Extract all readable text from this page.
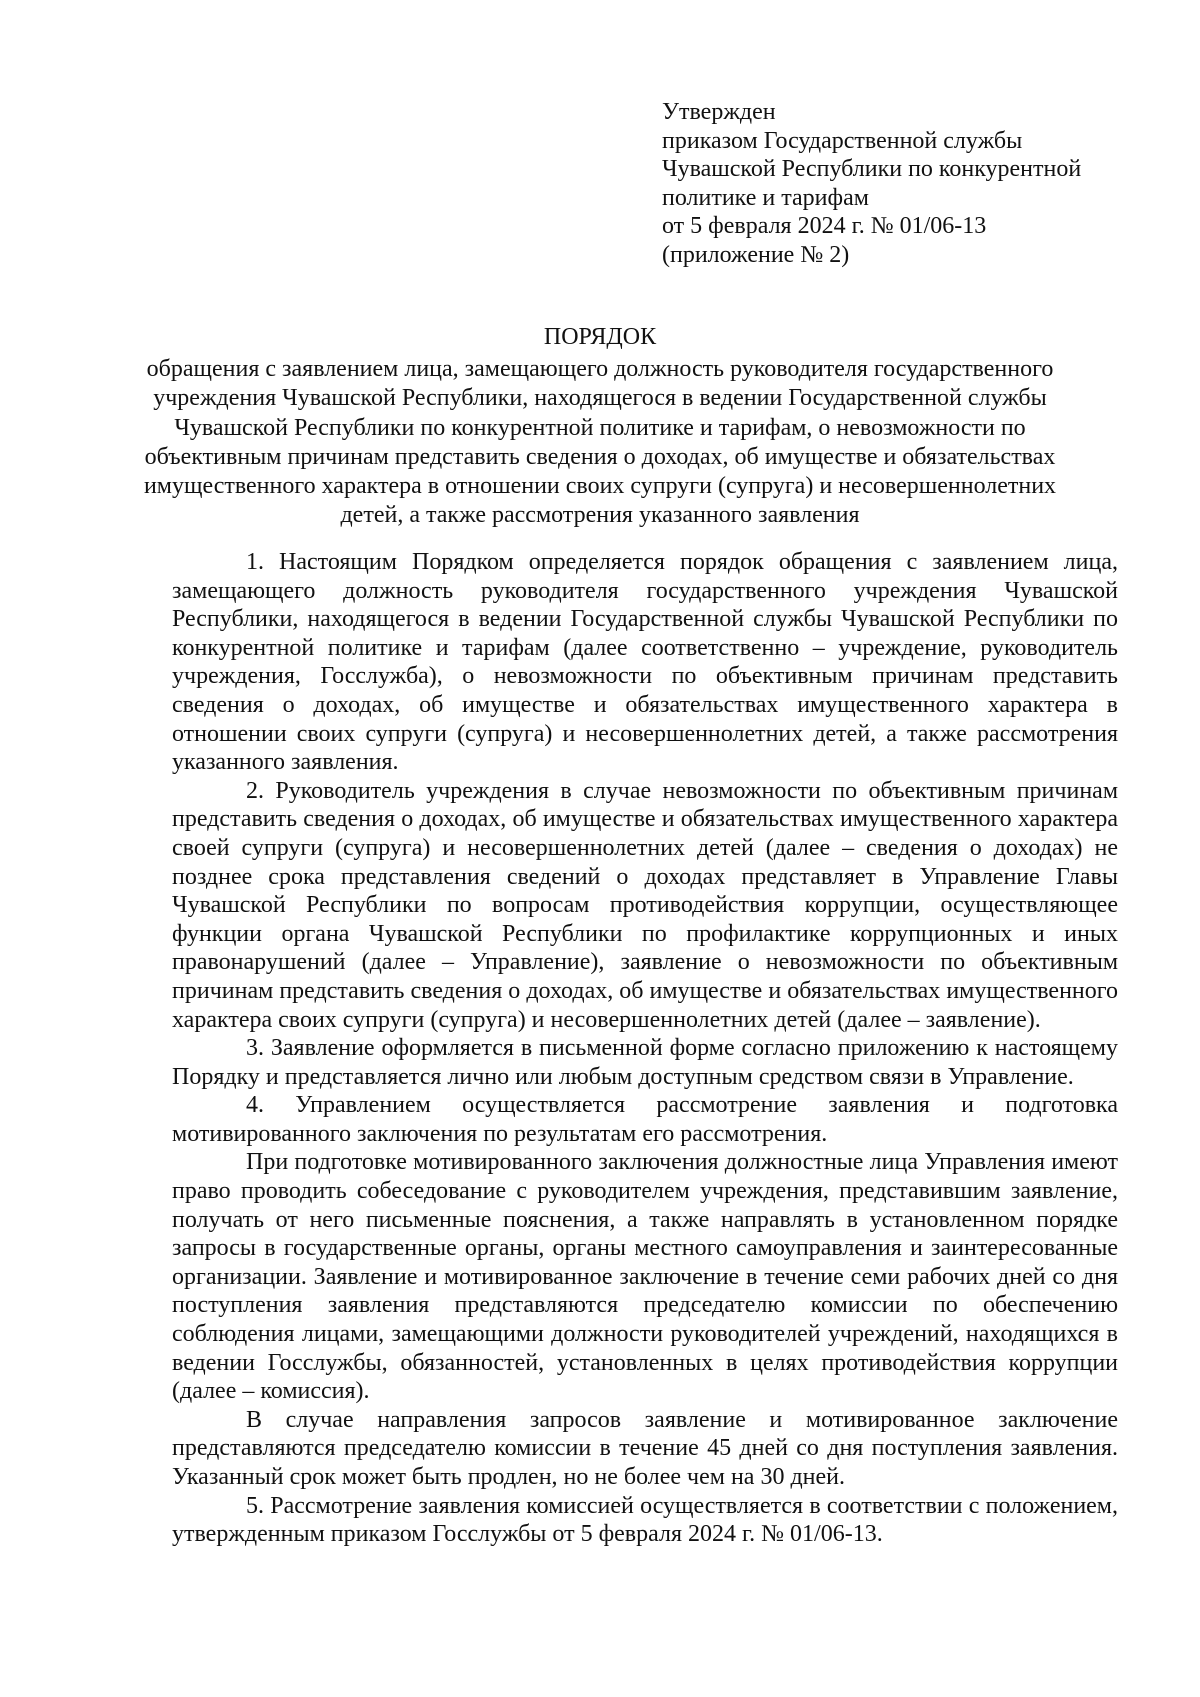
Утвержден
приказом Государственной службы
Чувашской Республики по конкурентной
политике и тарифам
от 5 февраля 2024 г. № 01/06-13
(приложение № 2)
ПОРЯДОК
обращения с заявлением лица, замещающего должность руководителя государственного
учреждения Чувашской Республики, находящегося в ведении Государственной службы
Чувашской Республики по конкурентной политике и тарифам, о невозможности по
объективным причинам представить сведения о доходах, об имуществе и обязательствах
имущественного характера в отношении своих супруги (супруга) и несовершеннолетних
детей, а также рассмотрения указанного заявления

1. Настоящим Порядком определяется порядок обращения с заявлением лица, замещающего должность руководителя государственного учреждения Чувашской Республики, находящегося в ведении Государственной службы Чувашской Республики по конкурентной политике и тарифам (далее соответственно – учреждение, руководитель учреждения, Госслужба), о невозможности по объективным причинам представить сведения о доходах, об имуществе и обязательствах имущественного характера в отношении своих супруги (супруга) и несовершеннолетних детей, а также рассмотрения указанного заявления.

2. Руководитель учреждения в случае невозможности по объективным причинам представить сведения о доходах, об имуществе и обязательствах имущественного характера своей супруги (супруга) и несовершеннолетних детей (далее – сведения о доходах) не позднее срока представления сведений о доходах представляет в Управление Главы Чувашской Республики по вопросам противодействия коррупции, осуществляющее функции органа Чувашской Республики по профилактике коррупционных и иных правонарушений (далее – Управление), заявление о невозможности по объективным причинам представить сведения о доходах, об имуществе и обязательствах имущественного характера своих супруги (супруга) и несовершеннолетних детей (далее – заявление).

3. Заявление оформляется в письменной форме согласно приложению к настоящему Порядку и представляется лично или любым доступным средством связи в Управление.

4. Управлением осуществляется рассмотрение заявления и подготовка мотивированного заключения по результатам его рассмотрения.

При подготовке мотивированного заключения должностные лица Управления имеют право проводить собеседование с руководителем учреждения, представившим заявление, получать от него письменные пояснения, а также направлять в установленном порядке запросы в государственные органы, органы местного самоуправления и заинтересованные организации. Заявление и мотивированное заключение в течение семи рабочих дней со дня поступления заявления представляются председателю комиссии по обеспечению соблюдения лицами, замещающими должности руководителей учреждений, находящихся в ведении Госслужбы, обязанностей, установленных в целях противодействия коррупции (далее – комиссия).

В случае направления запросов заявление и мотивированное заключение представляются председателю комиссии в течение 45 дней со дня поступления заявления. Указанный срок может быть продлен, но не более чем на 30 дней.

5. Рассмотрение заявления комиссией осуществляется в соответствии с положением, утвержденным приказом Госслужбы от 5 февраля 2024 г. № 01/06-13.
